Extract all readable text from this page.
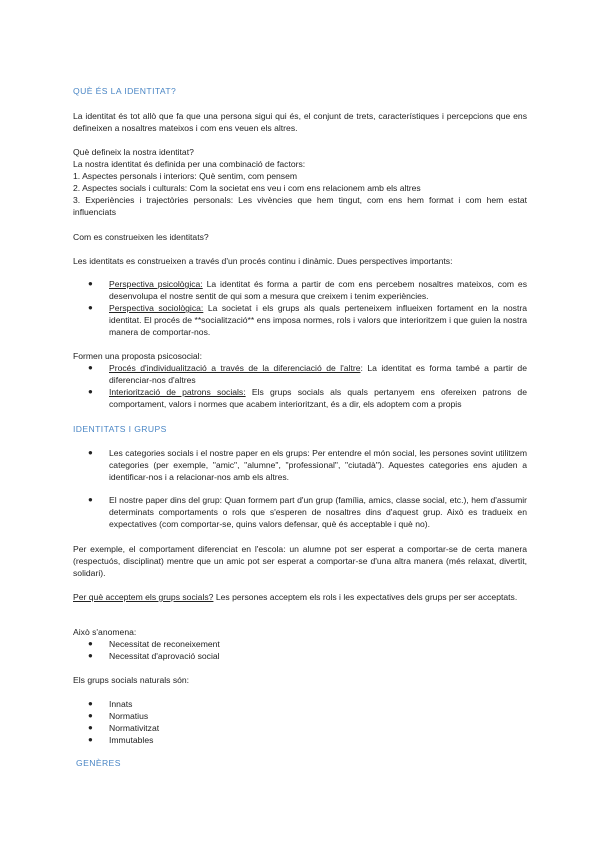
QUÈ ÉS LA IDENTITAT?

La identitat és tot allò que fa que una persona sigui qui és, el conjunt de trets, característiques i percepcions que ens defineixen a nosaltres mateixos i com ens veuen els altres.

Què defineix la nostra identitat?

La nostra identitat és definida per una combinació de factors:

1. Aspectes personals i interiors: Què sentim, com pensem

2. Aspectes socials i culturals: Com la societat ens veu i com ens relacionem amb els altres

3. Experiències i trajectòries personals: Les vivències que hem tingut, com ens hem format i com hem estat influenciats

Com es construeixen les identitats?

Les identitats es construeixen a través d'un procés continu i dinàmic. Dues perspectives importants:

● Perspectiva psicològica: La identitat és forma a partir de com ens percebem nosaltres mateixos, com es desenvolupa el nostre sentit de qui som a mesura que creixem i tenim experiències.

● Perspectiva sociològica: La societat i els grups als quals perteneixem influeixen fortament en la nostra identitat. El procés de **socialització** ens imposa normes, rols i valors que interioritzem i que guien la nostra manera de comportar-nos.

Formen una proposta psicosocial:

● Procés d'individualització a través de la diferenciació de l'altre: La identitat es forma també a partir de diferenciar-nos d'altres

● Interiorització de patrons socials: Els grups socials als quals pertanyem ens ofereixen patrons de comportament, valors i normes que acabem interioritzant, és a dir, els adoptem com a propis

IDENTITATS I GRUPS
● Les categories socials i el nostre paper en els grups: Per entendre el món social, les persones sovint utilitzem categories (per exemple, "amic", "alumne", "professional", "ciutadà"). Aquestes categories ens ajuden a identificar-nos i a relacionar-nos amb els altres.

● El nostre paper dins del grup: Quan formem part d'un grup (família, amics, classe social, etc.), hem d'assumir determinats comportaments o rols que s'esperen de nosaltres dins d'aquest grup. Això es tradueix en expectatives (com comportar-se, quins valors defensar, què és acceptable i què no).

Per exemple, el comportament diferenciat en l'escola: un alumne pot ser esperat a comportar-se de certa manera (respectuós, disciplinat) mentre que un amic pot ser esperat a comportar-se d'una altra manera (més relaxat, divertit, solidari).

Per què acceptem els grups socials? Les persones acceptem els rols i les expectatives dels grups per ser acceptats.

Això s'anomena:

● Necessitat de reconeixement

● Necessitat d'aprovació social

Els grups socials naturals són:

● Innats

● Normatius

● Normativitzat

● Immutables

GENÈRES
